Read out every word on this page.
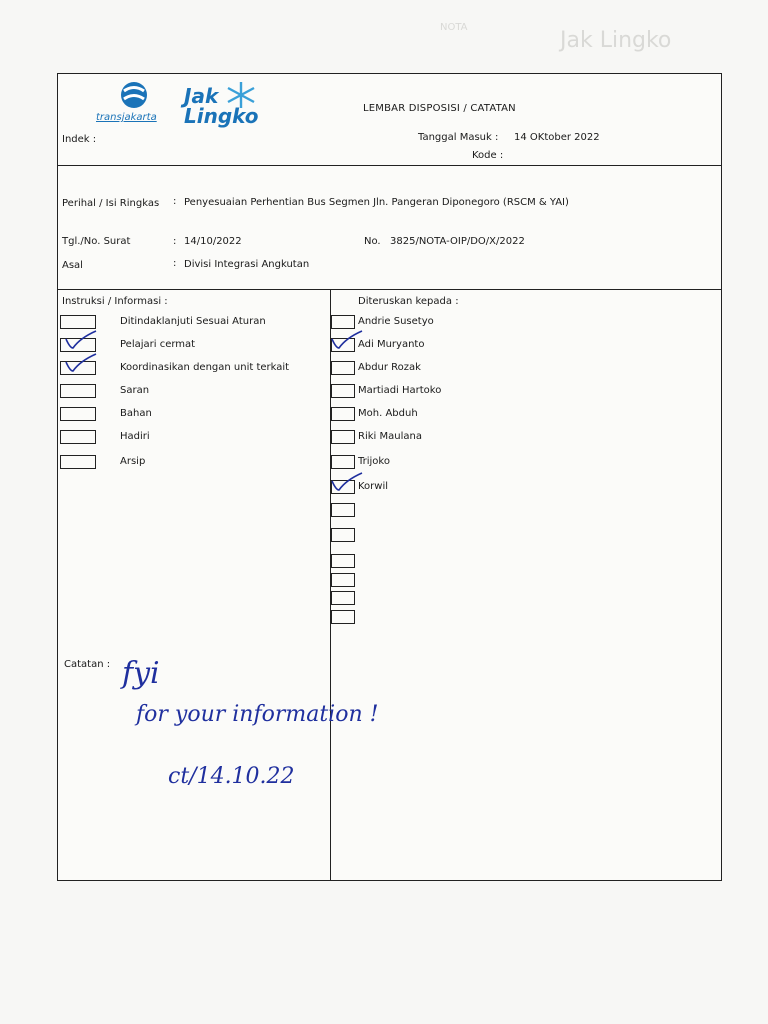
NOTA
Jak Lingko
transjakarta
Jak
Lingko	LEMBAR DISPOSISI / CATATAN
Indek :	Tanggal Masuk : 14 OKtober 2022
Kode :
Perihal / Isi Ringkas : Penyesuaian Perhentian Bus Segmen Jln. Pangeran Diponegoro (RSCM & YAI)
Tgl./No. Surat	: 14/10/2022	No. 3825/NOTA-OIP/DO/X/2022
Asal	: Divisi Integrasi Angkutan
Instruksi / Informasi :
Ditindaklanjuti Sesuai Aturan
Pelajari cermat
Koordinasikan dengan unit terkait
Saran
Bahan
Hadiri
Arsip
Diteruskan kepada :
Andrie Susetyo
Adi Muryanto
Abdur Rozak
Martiadi Hartoko
Moh. Abduh
Riki Maulana
Trijoko
Korwil
Catatan : fyi
for your information !
ct/14.10.22
